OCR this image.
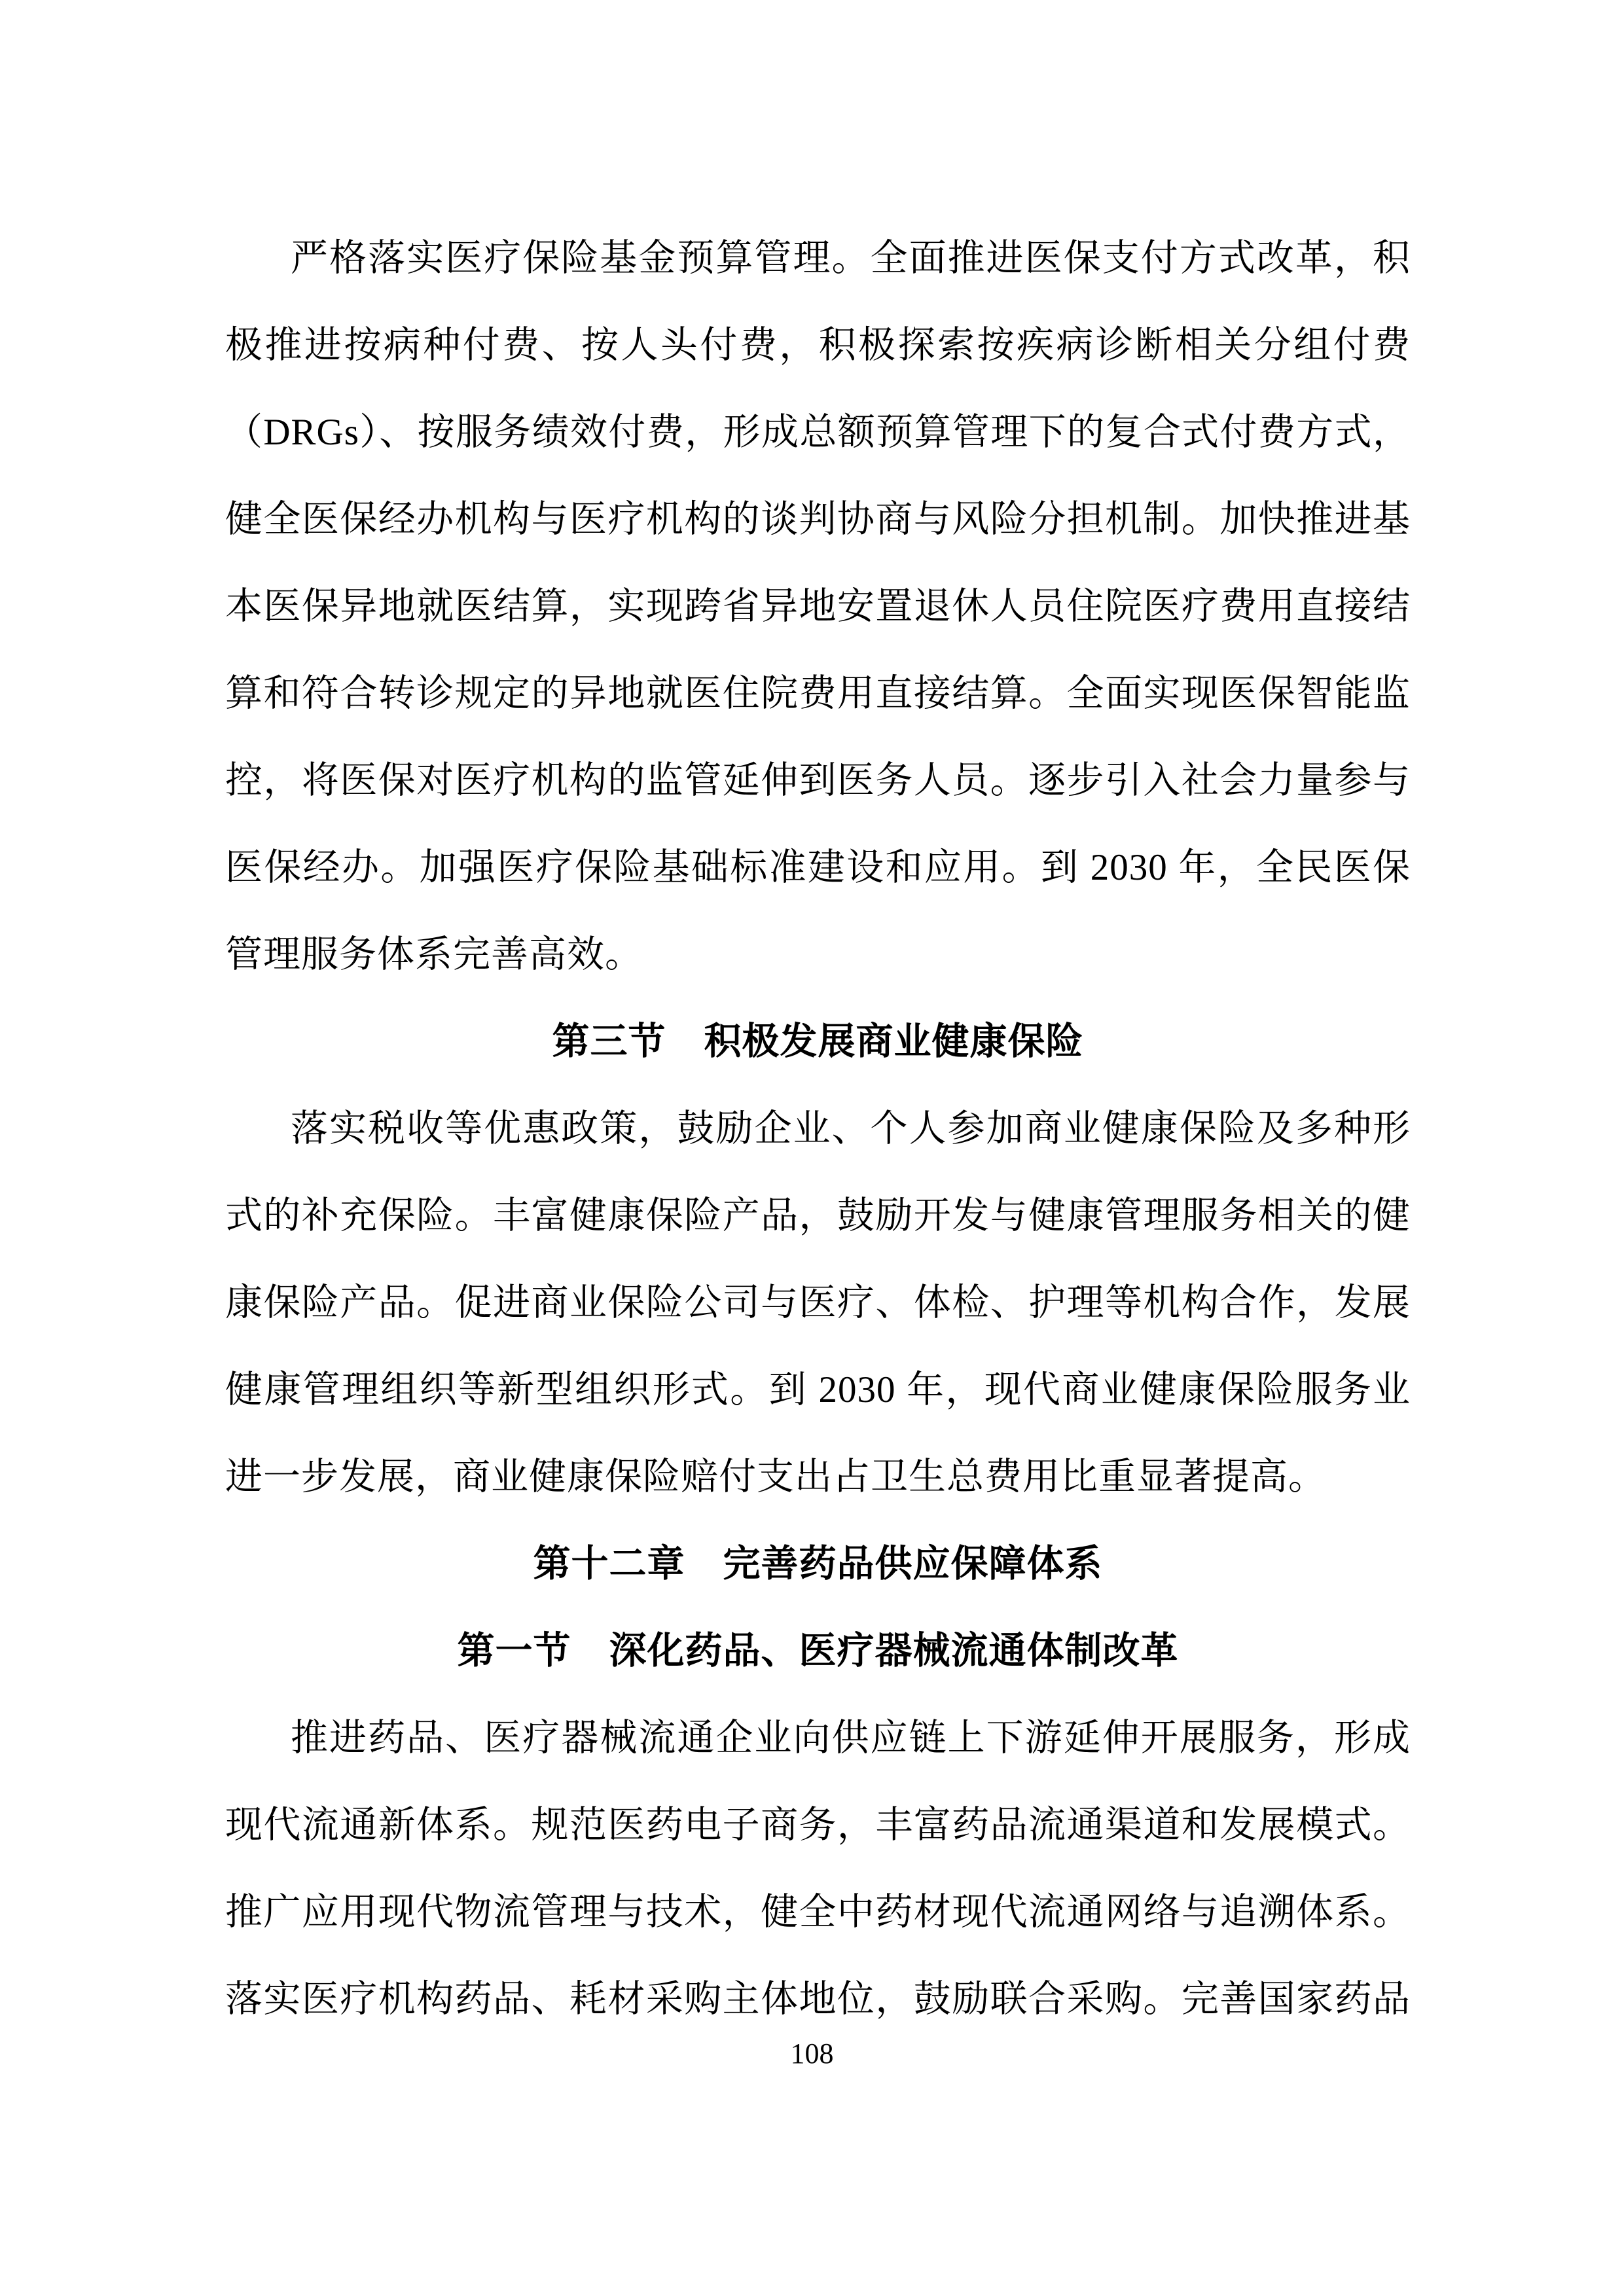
严格落实医疗保险基金预算管理。全面推进医保支付方式改革，积
极推进按病种付费、按人头付费，积极探索按疾病诊断相关分组付费
（DRGs）、按服务绩效付费，形成总额预算管理下的复合式付费方式，
健全医保经办机构与医疗机构的谈判协商与风险分担机制。加快推进基
本医保异地就医结算，实现跨省异地安置退休人员住院医疗费用直接结
算和符合转诊规定的异地就医住院费用直接结算。全面实现医保智能监
控，将医保对医疗机构的监管延伸到医务人员。逐步引入社会力量参与
医保经办。加强医疗保险基础标准建设和应用。到 2030 年，全民医保
管理服务体系完善高效。
第三节　积极发展商业健康保险
落实税收等优惠政策，鼓励企业、个人参加商业健康保险及多种形
式的补充保险。丰富健康保险产品，鼓励开发与健康管理服务相关的健
康保险产品。促进商业保险公司与医疗、体检、护理等机构合作，发展
健康管理组织等新型组织形式。到 2030 年，现代商业健康保险服务业
进一步发展，商业健康保险赔付支出占卫生总费用比重显著提高。
第十二章　完善药品供应保障体系
第一节　深化药品、医疗器械流通体制改革
推进药品、医疗器械流通企业向供应链上下游延伸开展服务，形成
现代流通新体系。规范医药电子商务，丰富药品流通渠道和发展模式。
推广应用现代物流管理与技术，健全中药材现代流通网络与追溯体系。
落实医疗机构药品、耗材采购主体地位，鼓励联合采购。完善国家药品
108
